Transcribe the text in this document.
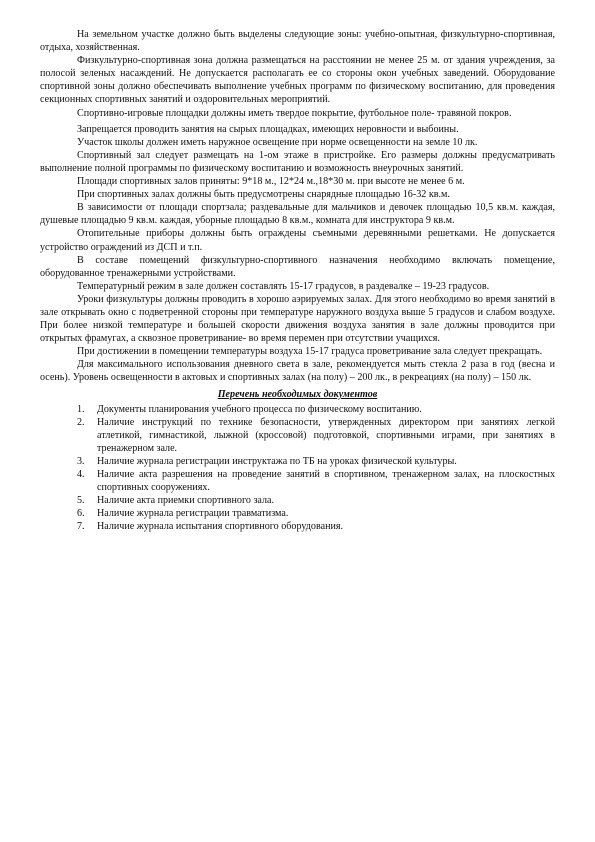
На земельном участке должно быть выделены следующие зоны: учебно-опытная, физкультурно-спортивная, отдыха, хозяйственная.

Физкультурно-спортивная зона должна размещаться на расстоянии не менее 25 м. от здания учреждения, за полосой зеленых насаждений. Не допускается располагать ее со стороны окон учебных заведений. Оборудование спортивной зоны должно обеспечивать выполнение учебных программ по физическому воспитанию, для проведения секционных спортивных занятий и оздоровительных мероприятий.

Спортивно-игровые площадки должны иметь твердое покрытие, футбольное поле- травяной покров.

Запрещается проводить занятия на сырых площадках, имеющих неровности и выбоины.

Участок школы должен иметь наружное освещение при норме освещенности на земле 10 лк.

Спортивный зал следует размещать на 1-ом этаже в пристройке. Его размеры должны предусматривать выполнение полной программы по физическому воспитанию и возможность внеурочных занятий.

Площади спортивных залов приняты: 9*18 м., 12*24 м.,18*30 м. при высоте не менее 6 м.

При спортивных залах должны быть предусмотрены снарядные площадью 16-32 кв.м.

В зависимости от площади спортзала; раздевальные для мальчиков и девочек площадью 10,5 кв.м. каждая, душевые площадью 9 кв.м. каждая, уборные площадью 8 кв.м., комната для инструктора 9 кв.м.

Отопительные приборы должны быть ограждены съемными деревянными решетками. Не допускается устройство ограждений из ДСП и т.п.

В составе помещений физкультурно-спортивного назначения необходимо включать помещение, оборудованное тренажерными устройствами.

Температурный режим в зале должен составлять 15-17 градусов, в раздевалке – 19-23 градусов.

Уроки физкультуры должны проводить в хорошо аэрируемых залах. Для этого необходимо во время занятий в зале открывать окно с подветренной стороны при температуре наружного воздуха выше 5 градусов и слабом воздухе. При более низкой температуре и большей скорости движения воздуха занятия в зале должны проводится при открытых фрамугах, а сквозное проветривание- во время перемен при отсутствии учащихся.

При достижении в помещении температуры воздуха 15-17 градуса проветривание зала следует прекращать.

Для максимального использования дневного света в зале, рекомендуется мыть стекла 2 раза в год (весна и осень). Уровень освещенности в актовых и спортивных залах (на полу) – 200 лк., в рекреациях (на полу) – 150 лк.

Перечень необходимых документов
1. Документы планирования учебного процесса по физическому воспитанию.
2. Наличие инструкций по технике безопасности, утвержденных директором при занятиях легкой атлетикой, гимнастикой, лыжной (кроссовой) подготовкой, спортивными играми, при занятиях в тренажерном зале.
3. Наличие журнала регистрации инструктажа по ТБ на уроках физической культуры.
4. Наличие акта разрешения на проведение занятий в спортивном, тренажерном залах, на плоскостных спортивных сооружениях.
5. Наличие акта приемки спортивного зала.
6. Наличие журнала регистрации травматизма.
7. Наличие журнала испытания спортивного оборудования.
